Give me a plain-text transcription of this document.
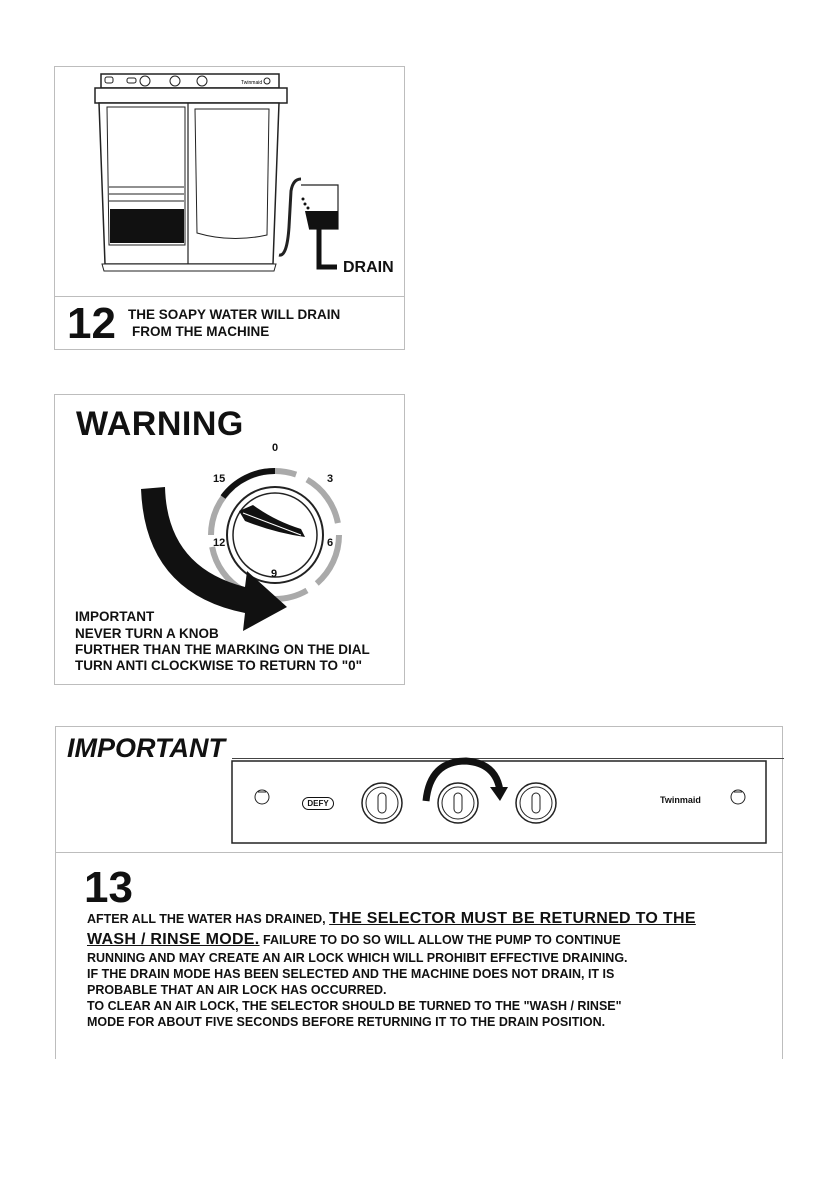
Twinmaid
DRAIN
12 THE SOAPY WATER WILL DRAIN
FROM THE MACHINE
WARNING
0
3
6
9
12
15
IMPORTANT
NEVER TURN A KNOB
FURTHER THAN THE MARKING ON THE DIAL
TURN ANTI CLOCKWISE TO RETURN TO "0"
IMPORTANT
DEFY	Twinmaid
13
AFTER ALL THE WATER HAS DRAINED, THE SELECTOR MUST BE RETURNED TO THE
WASH / RINSE MODE. FAILURE TO DO SO WILL ALLOW THE PUMP TO CONTINUE
RUNNING AND MAY CREATE AN AIR LOCK WHICH WILL PROHIBIT EFFECTIVE DRAINING.
IF THE DRAIN MODE HAS BEEN SELECTED AND THE MACHINE DOES NOT DRAIN, IT IS
PROBABLE THAT AN AIR LOCK HAS OCCURRED.
TO CLEAR AN AIR LOCK, THE SELECTOR SHOULD BE TURNED TO THE "WASH / RINSE"
MODE FOR ABOUT FIVE SECONDS BEFORE RETURNING IT TO THE DRAIN POSITION.
